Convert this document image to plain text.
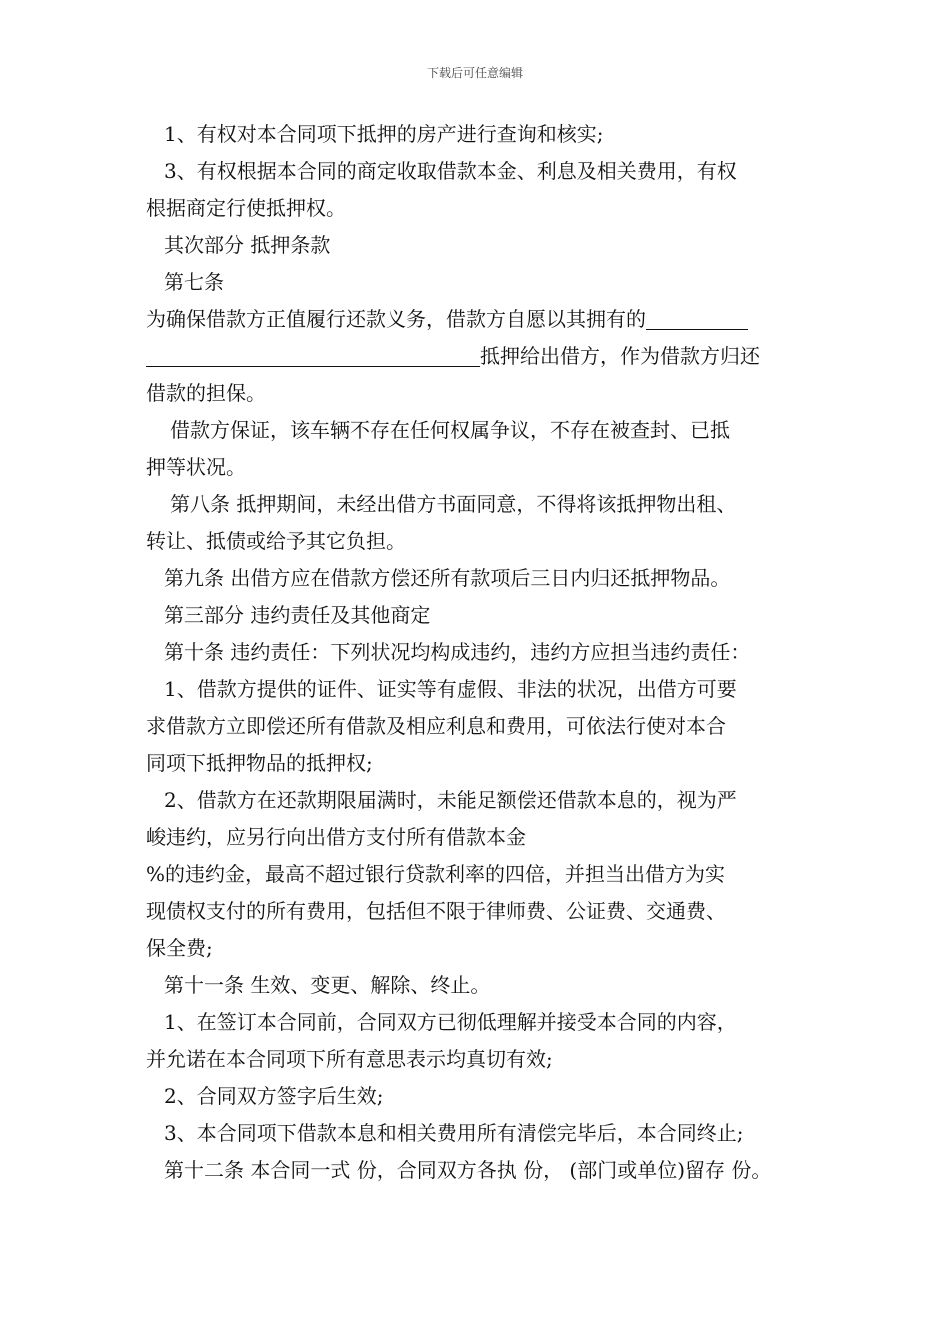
下载后可任意编辑

1、有权对本合同项下抵押的房产进行查询和核实;

3、有权根据本合同的商定收取借款本金、利息及相关费用，有权

根据商定行使抵押权。

其次部分 抵押条款

第七条

为确保借款方正值履行还款义务，借款方自愿以其拥有的

抵押给出借方，作为借款方归还

借款的担保。

借款方保证，该车辆不存在任何权属争议，不存在被查封、已抵

押等状况。

第八条 抵押期间，未经出借方书面同意，不得将该抵押物出租、

转让、抵债或给予其它负担。

第九条 出借方应在借款方偿还所有款项后三日内归还抵押物品。

第三部分 违约责任及其他商定

第十条 违约责任：下列状况均构成违约，违约方应担当违约责任：

1、借款方提供的证件、证实等有虚假、非法的状况，出借方可要

求借款方立即偿还所有借款及相应利息和费用，可依法行使对本合

同项下抵押物品的抵押权;

2、借款方在还款期限届满时，未能足额偿还借款本息的，视为严

峻违约，应另行向出借方支付所有借款本金

%的违约金，最高不超过银行贷款利率的四倍，并担当出借方为实

现债权支付的所有费用，包括但不限于律师费、公证费、交通费、

保全费;

第十一条 生效、变更、解除、终止。

1、在签订本合同前，合同双方已彻低理解并接受本合同的内容，

并允诺在本合同项下所有意思表示均真切有效;

2、合同双方签字后生效;

3、本合同项下借款本息和相关费用所有清偿完毕后，本合同终止;

第十二条 本合同一式 份，合同双方各执 份， (部门或单位)留存 份。
